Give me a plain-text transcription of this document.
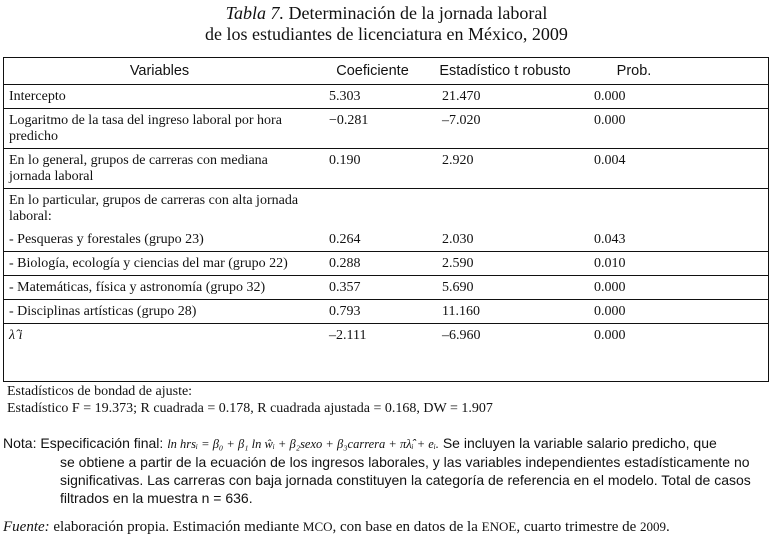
Tabla 7. Determinación de la jornada laboral
de los estudiantes de licenciatura en México, 2009
Variables	Coeficiente	Estadístico t robusto	Prob.	
Intercepto	5.303	21.470	0.000	
Logaritmo de la tasa del ingreso laboral por hora predicho	−0.281	–7.020	0.000	
En lo general, grupos de carreras con mediana jornada laboral	0.190	2.920	0.004	
En lo particular, grupos de carreras con alta jornada laboral:				
- Pesqueras y forestales (grupo 23)	0.264	2.030	0.043	
- Biología, ecología y ciencias del mar (grupo 22)	0.288	2.590	0.010	
- Matemáticas, física y astronomía (grupo 32)	0.357	5.690	0.000	
- Disciplinas artísticas (grupo 28)	0.793	11.160	0.000	
λ̂ i	–2.111	–6.960	0.000	
Estadísticos de bondad de ajuste:
Estadístico F = 19.373; R cuadrada = 0.178, R cuadrada ajustada = 0.168, DW = 1.907
Nota: Especificación final: ln hrsᵢ = β₀ + β₁ ln ŵᵢ + β₂sexo + β₃carrera + πλ̂ᵢ + eᵢ. Se incluyen la variable salario predicho, que
se obtiene a partir de la ecuación de los ingresos laborales, y las variables independientes estadísticamente no
significativas. Las carreras con baja jornada constituyen la categoría de referencia en el modelo. Total de casos
filtrados en la muestra n = 636.
Fuente: elaboración propia. Estimación mediante MCO, con base en datos de la ENOE, cuarto trimestre de 2009.
